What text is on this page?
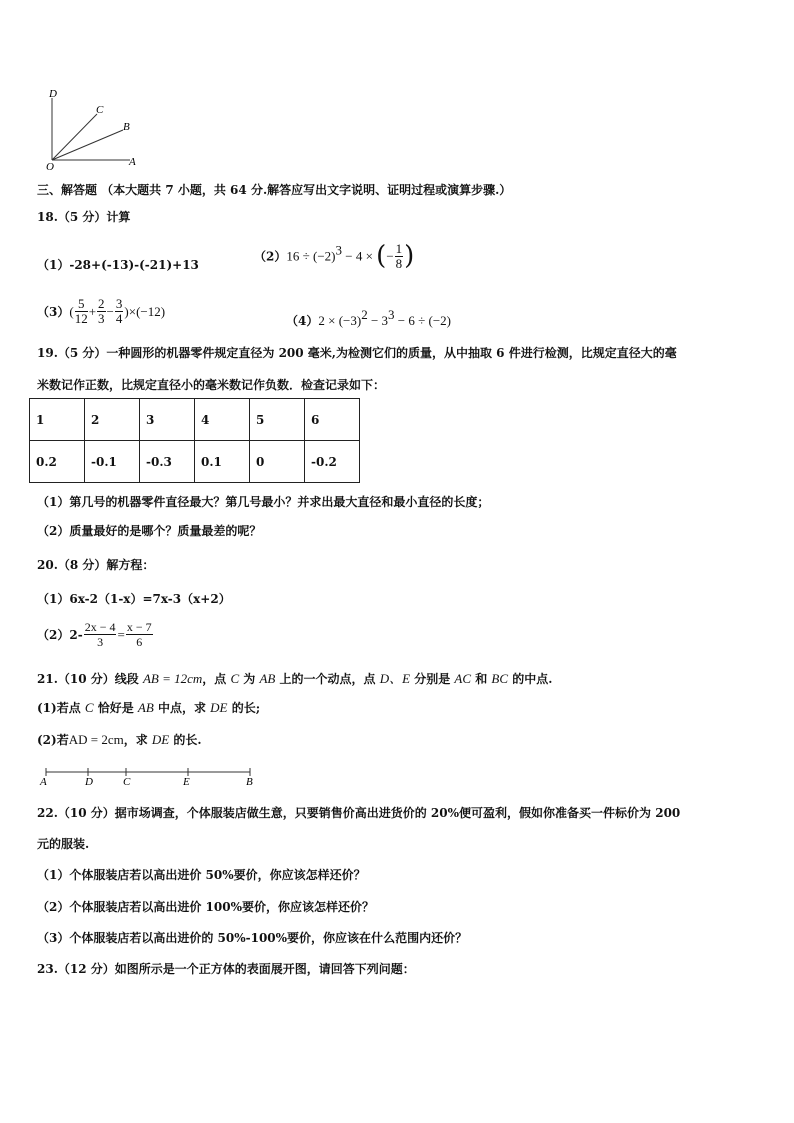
D
C
B
O	A
三、解答题 （本大题共 7 小题，共 64 分.解答应写出文字说明、证明过程或演算步骤.）
18.（5 分）计算
（1）-28+(-13)-(-21)+13
$(2)16 \div (-2)^3 - 4$ × (− $\frac{1}{8}$ )
$(3)( \frac{5}{12} + \frac{2}{3} - \frac{3}{4} )\times(-12)$
$(4)2 \times (-3)^2 - 3^3 - 6 \div (-2)$
19.（5 分）一种圆形的机器零件规定直径为 200 毫米,为检测它们的质量，从中抽取 6 件进行检测，比规定直径大的毫
米数记作正数，比规定直径小的毫米数记作负数．检查记录如下：
1	2	3	4	5	6
0.2	-0.1	-0.3	0.1	0	-0.2
（1）第几号的机器零件直径最大？第几号最小？并求出最大直径和最小直径的长度；
（2）质量最好的是哪个？质量最差的呢？
20.（8 分）解方程：
（1）6x-2（1-x）=7x-3（x+2）
$(2)2- \frac{2x - 4}{3} = \frac{x - 7}{6}$
21.（10 分）线段 AB = 12cm，点 C 为 AB 上的一个动点，点 D、E 分别是 AC 和 BC 的中点.
(1)若点 C 恰好是 AB 中点，求 DE 的长;
(2)若AD = 2cm，求 DE 的长.
A	D	C	E	B
22.（10 分）据市场调查，个体服装店做生意，只要销售价高出进货价的 20%便可盈利，假如你准备买一件标价为 200
元的服装.
（1）个体服装店若以高出进价 50%要价，你应该怎样还价？
（2）个体服装店若以高出进价 100%要价，你应该怎样还价？
（3）个体服装店若以高出进价的 50%-100%要价，你应该在什么范围内还价？
23.（12 分）如图所示是一个正方体的表面展开图，请回答下列问题：
